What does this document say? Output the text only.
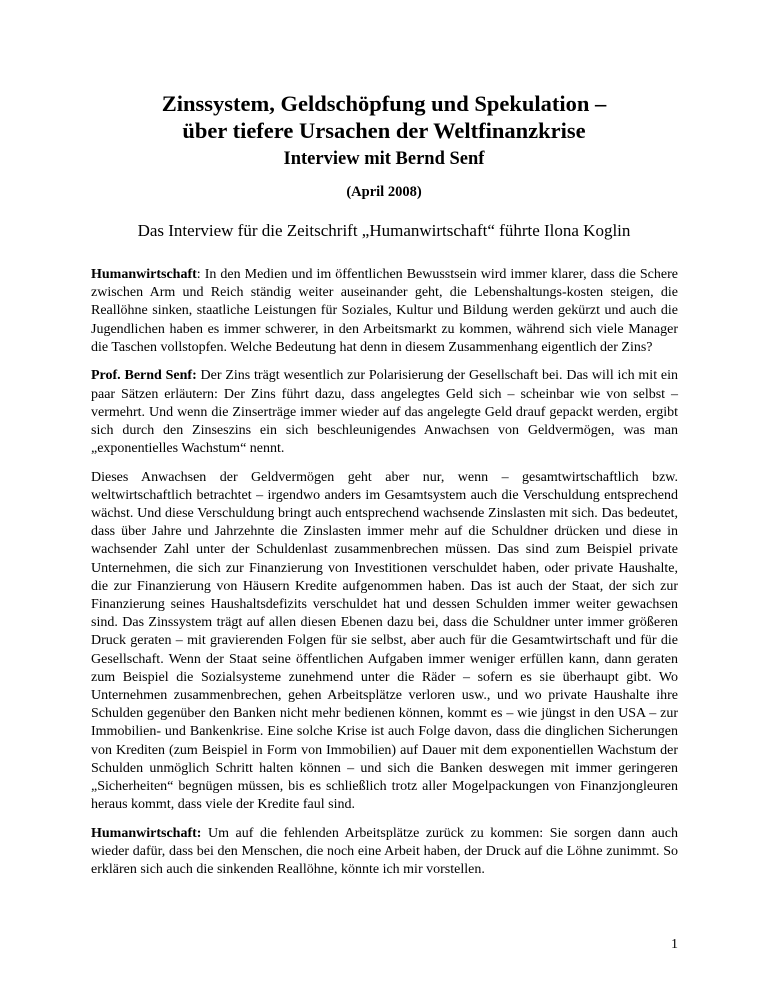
Zinssystem, Geldschöpfung und Spekulation –
über tiefere Ursachen der Weltfinanzkrise
Interview mit Bernd Senf

(April 2008)

Das Interview für die Zeitschrift „Humanwirtschaft“ führte Ilona Koglin

Humanwirtschaft: In den Medien und im öffentlichen Bewusstsein wird immer klarer, dass die Schere zwischen Arm und Reich ständig weiter auseinander geht, die Lebenshaltungs-kosten steigen, die Reallöhne sinken, staatliche Leistungen für Soziales, Kultur und Bildung werden gekürzt und auch die Jugendlichen haben es immer schwerer, in den Arbeitsmarkt zu kommen, während sich viele Manager die Taschen vollstopfen. Welche Bedeutung hat denn in diesem Zusammenhang eigentlich der Zins?

Prof. Bernd Senf: Der Zins trägt wesentlich zur Polarisierung der Gesellschaft bei. Das will ich mit ein paar Sätzen erläutern: Der Zins führt dazu, dass angelegtes Geld sich – scheinbar wie von selbst – vermehrt. Und wenn die Zinserträge immer wieder auf das angelegte Geld drauf gepackt werden, ergibt sich durch den Zinseszins ein sich beschleunigendes Anwachsen von Geldvermögen, was man „exponentielles Wachstum“ nennt.

Dieses Anwachsen der Geldvermögen geht aber nur, wenn – gesamtwirtschaftlich bzw. weltwirtschaftlich betrachtet – irgendwo anders im Gesamtsystem auch die Verschuldung entsprechend wächst. Und diese Verschuldung bringt auch entsprechend wachsende Zinslasten mit sich. Das bedeutet, dass über Jahre und Jahrzehnte die Zinslasten immer mehr auf die Schuldner drücken und diese in wachsender Zahl unter der Schuldenlast zusammenbrechen müssen. Das sind zum Beispiel private Unternehmen, die sich zur Finanzierung von Investitionen verschuldet haben, oder private Haushalte, die zur Finanzierung von Häusern Kredite aufgenommen haben. Das ist auch der Staat, der sich zur Finanzierung seines Haushaltsdefizits verschuldet hat und dessen Schulden immer weiter gewachsen sind. Das Zinssystem trägt auf allen diesen Ebenen dazu bei, dass die Schuldner unter immer größeren Druck geraten – mit gravierenden Folgen für sie selbst, aber auch für die Gesamtwirtschaft und für die Gesellschaft. Wenn der Staat seine öffentlichen Aufgaben immer weniger erfüllen kann, dann geraten zum Beispiel die Sozialsysteme zunehmend unter die Räder – sofern es sie überhaupt gibt. Wo Unternehmen zusammenbrechen, gehen Arbeitsplätze verloren usw., und wo private Haushalte ihre Schulden gegenüber den Banken nicht mehr bedienen können, kommt es – wie jüngst in den USA – zur Immobilien- und Bankenkrise. Eine solche Krise ist auch Folge davon, dass die dinglichen Sicherungen von Krediten (zum Beispiel in Form von Immobilien) auf Dauer mit dem exponentiellen Wachstum der Schulden unmöglich Schritt halten können – und sich die Banken deswegen mit immer geringeren „Sicherheiten“ begnügen müssen, bis es schließlich trotz aller Mogelpackungen von Finanzjongleuren heraus kommt, dass viele der Kredite faul sind.

Humanwirtschaft: Um auf die fehlenden Arbeitsplätze zurück zu kommen: Sie sorgen dann auch wieder dafür, dass bei den Menschen, die noch eine Arbeit haben, der Druck auf die Löhne zunimmt. So erklären sich auch die sinkenden Reallöhne, könnte ich mir vorstellen.

1
